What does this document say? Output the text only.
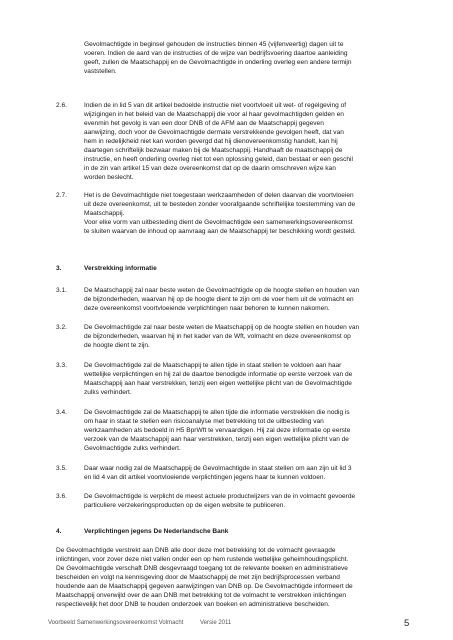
Gevolmachtigde in beginsel gehouden de instructies binnen 45 (vijfenveertig) dagen uit te
voeren. Indien de aard van de instructies of de wijze van bedrijfsvoering daartoe aanleiding
geeft, zullen de Maatschappij en de Gevolmachtigde in onderling overleg een andere termijn
vaststellen.
2.6.	Indien de in lid 5 van dit artikel bedoelde instructie niet voortvloeit uit wet- of regelgeving of
wijzigingen in het beleid van de Maatschappij die voor al haar gevolmachtigden gelden en
evenmin het gevolg is van een door DNB of de AFM aan de Maatschappij gegeven
aanwijzing, doch voor de Gevolmachtigde dermate verstrekkende gevolgen heeft, dat van
hem in redelijkheid niet kan worden gevergd dat hij dienovereenkomstig handelt, kan hij
daartegen schriftelijk bezwaar maken bij de Maatschappij. Handhaaft de maatschappij de
instructie, en heeft onderling overleg niet tot een oplossing geleid, dan bestaat er een geschil
in de zin van artikel 15 van deze overeenkomst dat op de daarin omschreven wijze kan
worden beslecht.
2.7.	Het is de Gevolmachtigde niet toegestaan werkzaamheden of delen daarvan die voortvloeien
uit deze overeenkomst, uit te besteden zonder voorafgaande schriftelijke toestemming van de
Maatschappij.
Voor elke vorm van uitbesteding dient de Gevolmachtigde een samenwerkingsovereenkomst
te sluiten waarvan de inhoud op aanvraag aan de Maatschappij ter beschikking wordt gesteld.
3.	Verstrekking informatie
3.1.	De Maatschappij zal naar beste weten de Gevolmachtigde op de hoogte stellen en houden van
de bijzonderheden, waarvan hij op de hoogte dient te zijn om de voer hem uit de volmacht en
deze overeenkomst voortvloeiende verplichtingen naar behoren te kunnen nakomen.
3.2.	De Gevolmachtigde zal naar beste weten de Maatschappij op de hoogte stellen en houden van
de bijzonderheden, waarvan hij in het kader van de Wft, volmacht en deze overeenkomst op
de hoogte dient te zijn.
3.3.	De Gevolmachtigde zal de Maatschappij te allen tijde in staat stellen te voldoen aan haar
wettelijke verplichtingen en hij zal de daartoe benodigde informatie op eerste verzoek van de
Maatschappij aan haar verstrekken, tenzij een eigen wettelijke plicht van de Gevolmachtigde
zulks verhindert.
3.4.	De Gevolmachtigde zal de Maatschappij te allen tijde die informatie verstrekken die nodig is
om haar in staat te stellen een risicoanalyse met betrekking tot de uitbesteding van
werkzaamheden als bedoeld in H5 BprWft te vervaardigen. Hij zal deze informatie op eerste
verzoek van de Maatschappij aan haar verstrekken, tenzij een eigen wettelijke plicht van de
Gevolmachtigde zulks verhindert.
3.5.	Daar waar nodig zal de Maatschappij de Gevolmachtigde in staat stellen om aan zijn uit lid 3
en lid 4 van dit artikel voortvloeiende verplichtingen jegens haar te kunnen voldoen.
3.6.	De Gevolmachtigde is verplicht de meest actuele productwijzers van de in volmacht gevoerde
particuliere verzekeringsproducten op de eigen website te publiceren.
4.	Verplichtingen jegens De Nederlandsche Bank
De Gevolmachtigde verstrekt aan DNB alle door deze met betrekking tot de volmacht gevraagde
inlichtingen, voor zover deze niet vallen onder een op hem rustende wettelijke geheimhoudingsplicht.
De Gevolmachtigde verschaft DNB desgevraagd toegang tot de relevante boeken en administratieve
bescheiden en volgt na kennisgeving door de Maatschappij de met zijn bedrijfsprocessen verband
houdende aan de Maatschappij gegeven aanwijzingen van DNB op. De Gevolmachtigde informeert de
Maatschappij onverwijld over de aan DNB met betrekking tot de volmacht te verstrekken inlichtingen
respectievelijk het door DNB te houden onderzoek van boeken en administratieve bescheiden.
Voorbeeld Samenwerkingsovereenkomst Volmacht	Versie 2011	5
